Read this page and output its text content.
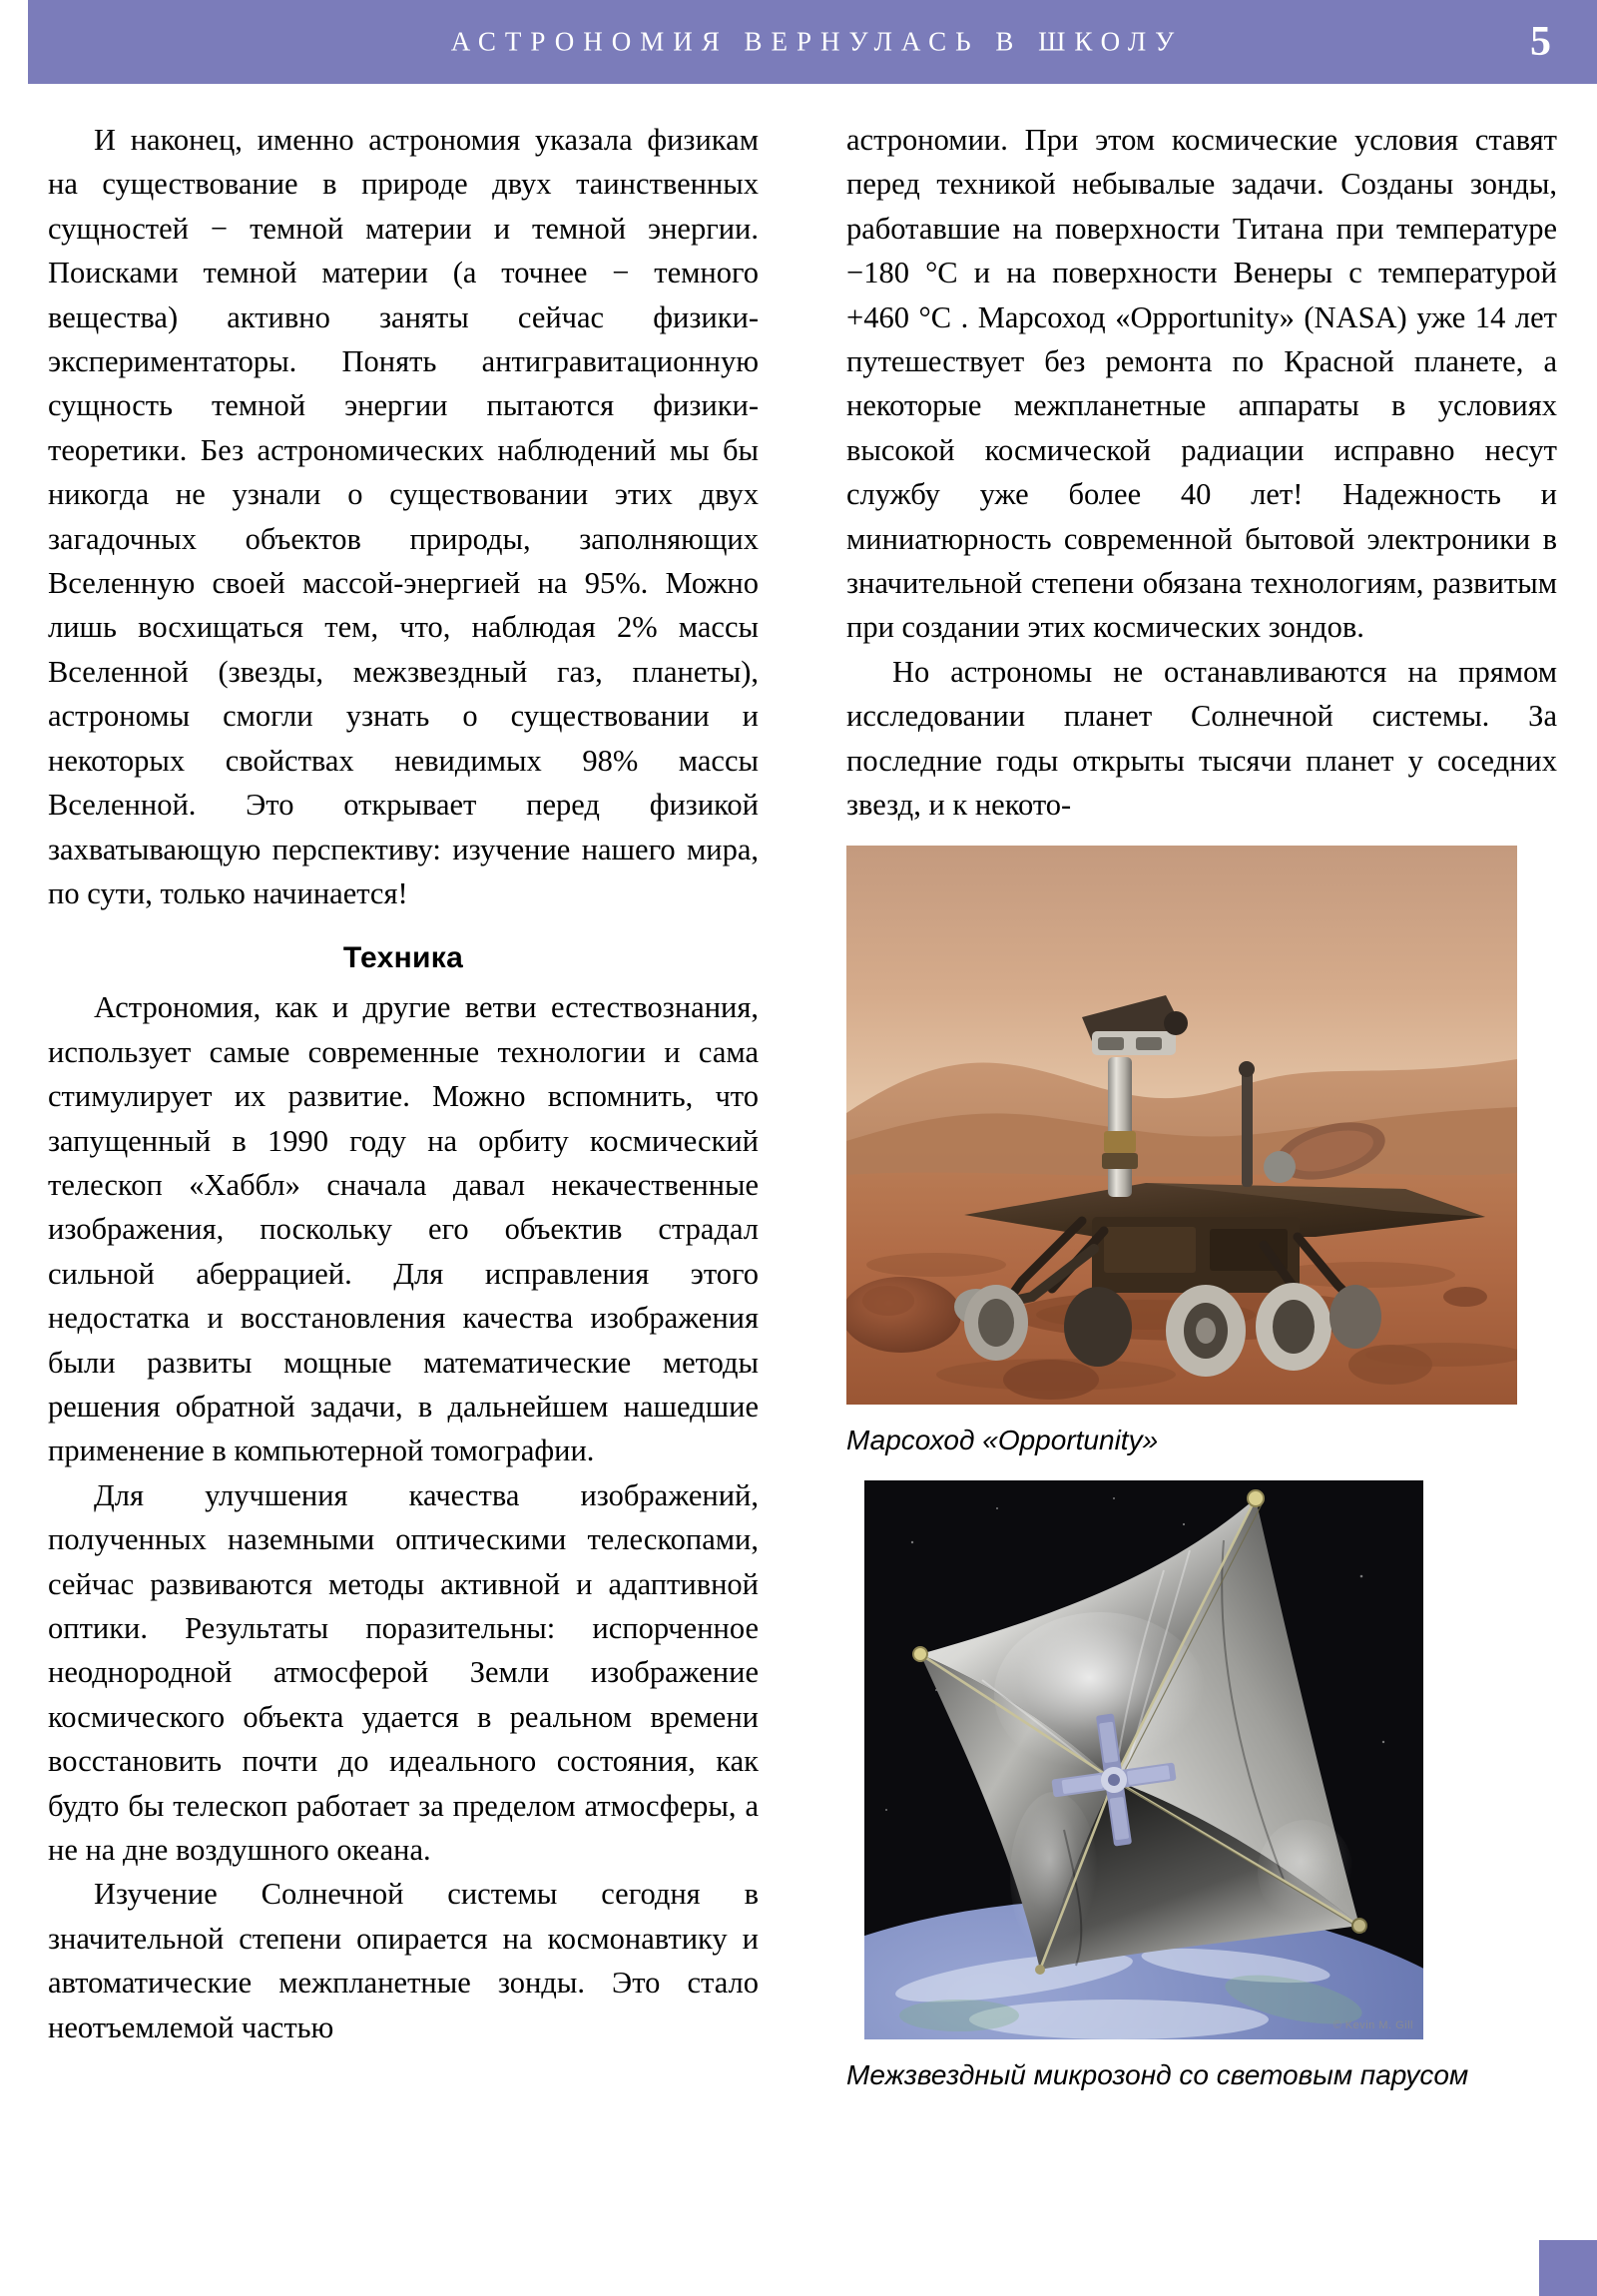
АСТРОНОМИЯ ВЕРНУЛАСЬ В ШКОЛУ	5

И наконец, именно астрономия указала физикам на существование в природе двух таинственных сущностей − темной материи и темной энергии. Поисками темной материи (а точнее − темного вещества) активно заняты сейчас физики-экспериментаторы. Понять антигравитационную сущность темной энергии пытаются физики-теоретики. Без астрономических наблюдений мы бы никогда не узнали о существовании этих двух загадочных объектов природы, заполняющих Вселенную своей массой-энергией на 95%. Можно лишь восхищаться тем, что, наблюдая 2% массы Вселенной (звезды, межзвездный газ, планеты), астрономы смогли узнать о существовании и некоторых свойствах невидимых 98% массы Вселенной. Это открывает перед физикой захватывающую перспективу: изучение нашего мира, по сути, только начинается!

Техника

Астрономия, как и другие ветви естествознания, использует самые современные технологии и сама стимулирует их развитие. Можно вспомнить, что запущенный в 1990 году на орбиту космический телескоп «Хаббл» сначала давал некачественные изображения, поскольку его объектив страдал сильной аберрацией. Для исправления этого недостатка и восстановления качества изображения были развиты мощные математические методы решения обратной задачи, в дальнейшем нашедшие применение в компьютерной томографии.

Для улучшения качества изображений, полученных наземными оптическими телескопами, сейчас развиваются методы активной и адаптивной оптики. Результаты поразительны: испорченное неоднородной атмосферой Земли изображение космического объекта удается в реальном времени восстановить почти до идеального состояния, как будто бы телескоп работает за пределом атмосферы, а не на дне воздушного океана.

Изучение Солнечной системы сегодня в значительной степени опирается на космонавтику и автоматические межпланетные зонды. Это стало неотъемлемой частью

астрономии. При этом космические условия ставят перед техникой небывалые задачи. Созданы зонды, работавшие на поверхности Титана при температуре −180 °C и на поверхности Венеры с температурой +460 °C . Марсоход «Opportunity» (NASA) уже 14 лет путешествует без ремонта по Красной планете, а некоторые межпланетные аппараты в условиях высокой космической радиации исправно несут службу уже более 40 лет! Надежность и миниатюрность современной бытовой электроники в значительной степени обязана технологиям, развитым при создании этих космических зондов.

Но астрономы не останавливаются на прямом исследовании планет Солнечной системы. За последние годы открыты тысячи планет у соседних звезд, и к некото-

Марсоход «Opportunity»
© Kevin M. Gill
Межзвездный микрозонд со световым парусом
